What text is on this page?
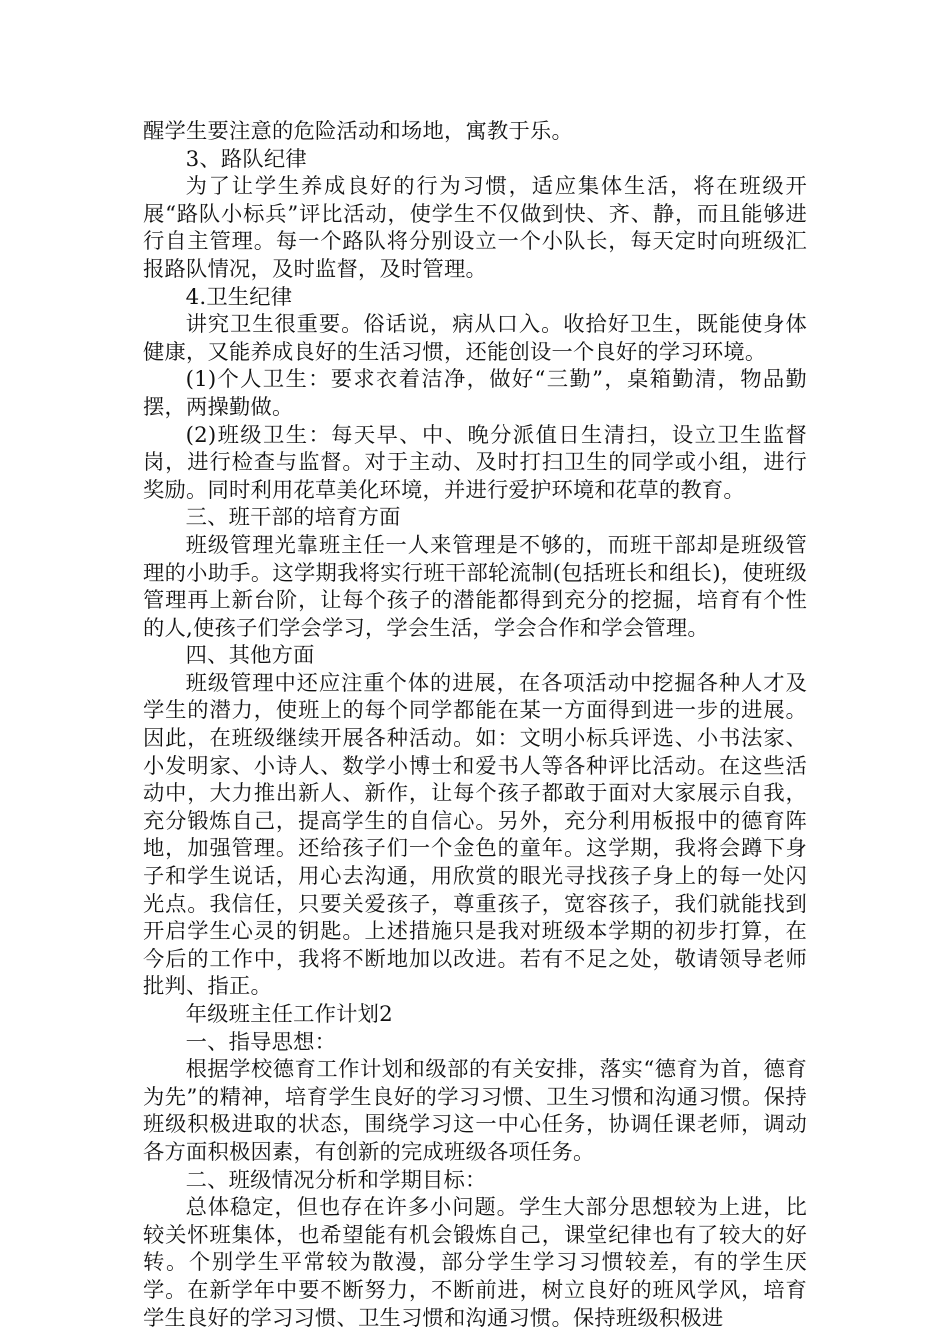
醒学生要注意的危险活动和场地，寓教于乐。

3、路队纪律

为了让学生养成良好的行为习惯，适应集体生活，将在班级开展“路队小标兵”评比活动，使学生不仅做到快、齐、静，而且能够进行自主管理。每一个路队将分别设立一个小队长，每天定时向班级汇报路队情况，及时监督，及时管理。

4.卫生纪律

讲究卫生很重要。俗话说，病从口入。收拾好卫生，既能使身体健康，又能养成良好的生活习惯，还能创设一个良好的学习环境。

(1)个人卫生：要求衣着洁净，做好“三勤”，桌箱勤清，物品勤摆，两操勤做。

(2)班级卫生：每天早、中、晚分派值日生清扫，设立卫生监督岗，进行检查与监督。对于主动、及时打扫卫生的同学或小组，进行奖励。同时利用花草美化环境，并进行爱护环境和花草的教育。

三、班干部的培育方面

班级管理光靠班主任一人来管理是不够的，而班干部却是班级管理的小助手。这学期我将实行班干部轮流制(包括班长和组长)，使班级管理再上新台阶，让每个孩子的潜能都得到充分的挖掘，培育有个性的人,使孩子们学会学习，学会生活，学会合作和学会管理。

四、其他方面

班级管理中还应注重个体的进展，在各项活动中挖掘各种人才及学生的潜力，使班上的每个同学都能在某一方面得到进一步的进展。因此，在班级继续开展各种活动。如：文明小标兵评选、小书法家、小发明家、小诗人、数学小博士和爱书人等各种评比活动。在这些活动中，大力推出新人、新作，让每个孩子都敢于面对大家展示自我，充分锻炼自己，提高学生的自信心。另外，充分利用板报中的德育阵地，加强管理。还给孩子们一个金色的童年。这学期，我将会蹲下身子和学生说话，用心去沟通，用欣赏的眼光寻找孩子身上的每一处闪光点。我信任，只要关爱孩子，尊重孩子，宽容孩子，我们就能找到开启学生心灵的钥匙。上述措施只是我对班级本学期的初步打算，在今后的工作中，我将不断地加以改进。若有不足之处，敬请领导老师批判、指正。

年级班主任工作计划2

一、指导思想：

根据学校德育工作计划和级部的有关安排，落实“德育为首，德育为先”的精神，培育学生良好的学习习惯、卫生习惯和沟通习惯。保持班级积极进取的状态，围绕学习这一中心任务，协调任课老师，调动各方面积极因素，有创新的完成班级各项任务。

二、班级情况分析和学期目标：

总体稳定，但也存在许多小问题。学生大部分思想较为上进，比较关怀班集体，也希望能有机会锻炼自己，课堂纪律也有了较大的好转。个别学生平常较为散漫，部分学生学习习惯较差，有的学生厌学。在新学年中要不断努力，不断前进，树立良好的班风学风，培育学生良好的学习习惯、卫生习惯和沟通习惯。保持班级积极进
